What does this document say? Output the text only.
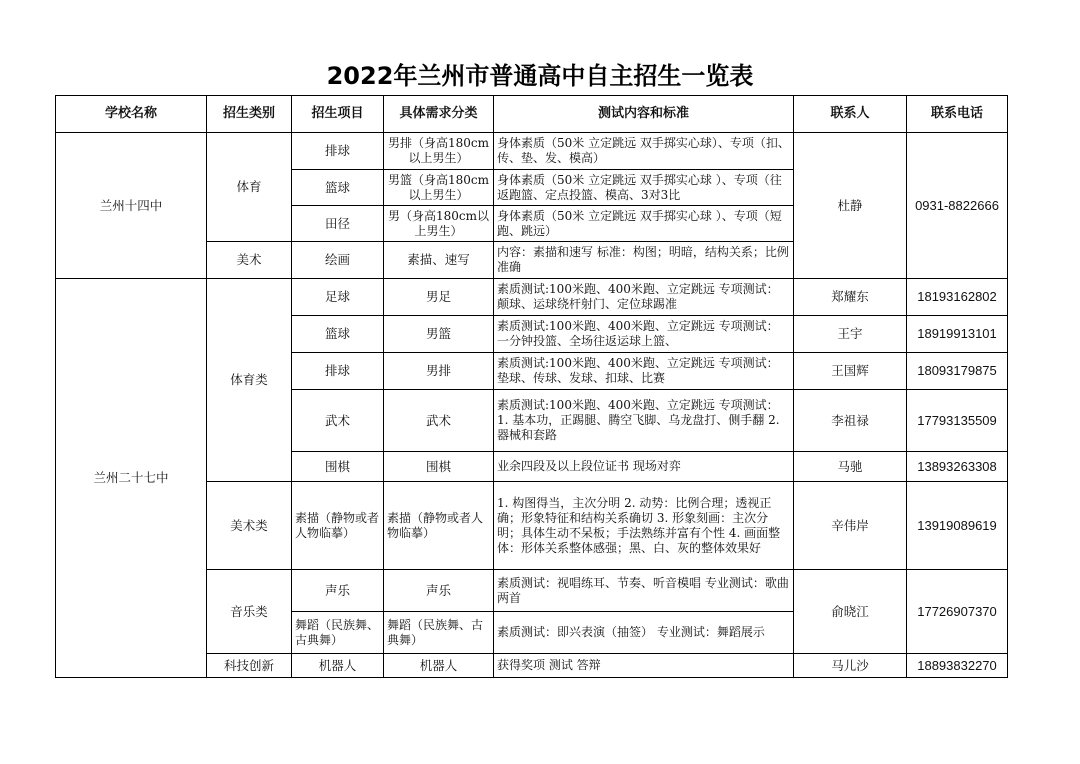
2022年兰州市普通高中自主招生一览表
学校名称	招生类别	招生项目	具体需求分类	测试内容和标准	联系人	联系电话
兰州十四中	体育	排球	男排（身高180cm以上男生）	身体素质（50米 立定跳远 双手掷实心球）、专项（扣、传、垫、发、模高）	杜静	0931-8822666
		篮球	男篮（身高180cm以上男生）	身体素质（50米 立定跳远 双手掷实心球 ）、专项（往返跑篮、定点投篮、模高、3对3比		
		田径	男（身高180cm以上男生）	身体素质（50米 立定跳远 双手掷实心球 ）、专项（短跑、跳远）		
	美术	绘画	素描、速写	内容：素描和速写 标准：构图；明暗，结构关系；比例准确		
兰州二十七中	体育类	足球	男足	素质测试:100米跑、400米跑、立定跳远 专项测试：颠球、运球绕杆射门、定位球踢准	郑耀东	18193162802
		篮球	男篮	素质测试:100米跑、400米跑、立定跳远 专项测试：一分钟投篮、全场往返运球上篮、	王宇	18919913101
		排球	男排	素质测试:100米跑、400米跑、立定跳远 专项测试：垫球、传球、发球、扣球、比赛	王国辉	18093179875
		武术	武术	素质测试:100米跑、400米跑、立定跳远 专项测试：1. 基本功，正踢腿、腾空飞脚、乌龙盘打、侧手翻 2. 器械和套路	李祖禄	17793135509
		围棋	围棋	业余四段及以上段位证书 现场对弈	马驰	13893263308
	美术类	素描（静物或者人物临摹）	素描（静物或者人物临摹）	1. 构图得当，主次分明 2. 动势：比例合理；透视正确；形象特征和结构关系确切 3. 形象刻画：主次分明；具体生动不呆板；手法熟练并富有个性 4. 画面整体：形体关系整体感强；黑、白、灰的整体效果好	辛伟岸	13919089619
	音乐类	声乐	声乐	素质测试：视唱练耳、节奏、听音模唱 专业测试：歌曲两首	俞晓江	17726907370
		舞蹈（民族舞、古典舞）	舞蹈（民族舞、古典舞）	素质测试：即兴表演（抽签） 专业测试：舞蹈展示		
	科技创新	机器人	机器人	获得奖项 测试 答辩	马儿沙	18893832270
